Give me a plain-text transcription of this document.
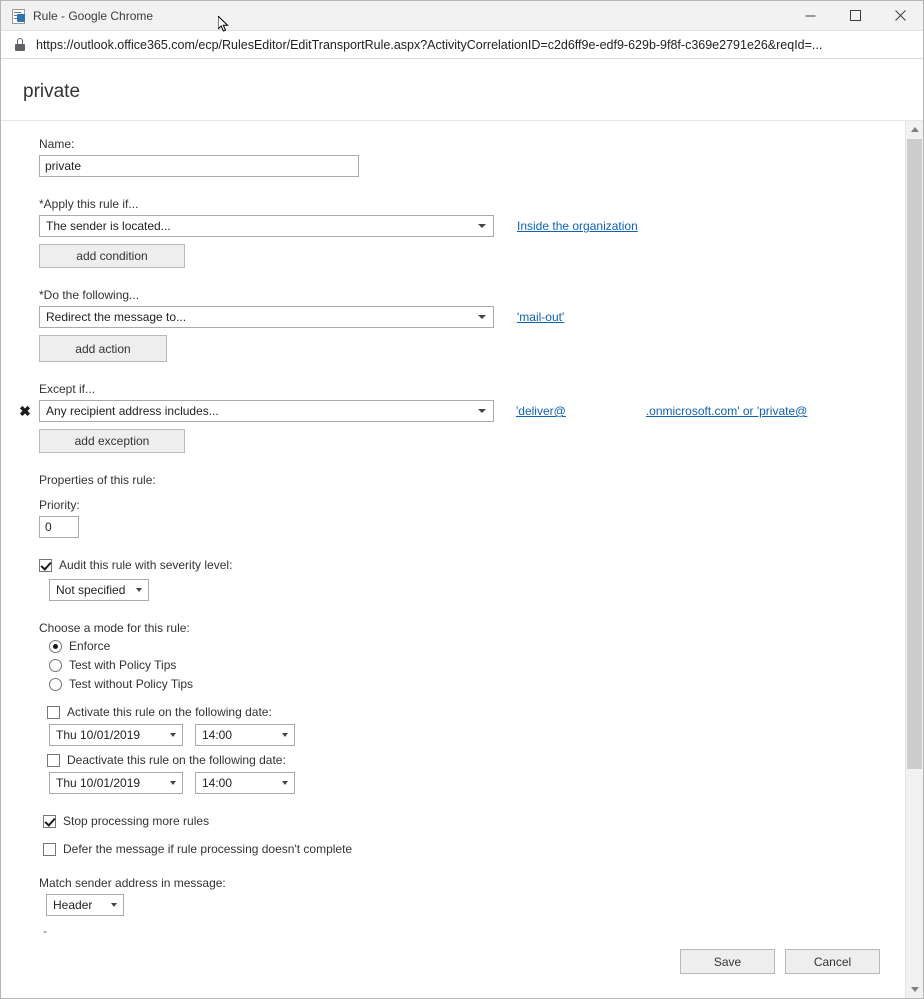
Rule - Google Chrome
https://outlook.office365.com/ecp/RulesEditor/EditTransportRule.aspx?ActivityCorrelationID=c2d6ff9e-edf9-629b-9f8f-c369e2791e26&reqId=...
private
Name:
private
*Apply this rule if...
The sender is located...	Inside the organization
add condition
*Do the following...
Redirect the message to...	'mail-out'
add action
Except if...
✖	Any recipient address includes...	'deliver@	.onmicrosoft.com' or 'private@
add exception
Properties of this rule:
Priority:
0
Audit this rule with severity level:
Not specified
Choose a mode for this rule:
Enforce
Test with Policy Tips
Test without Policy Tips
Activate this rule on the following date:
Thu 10/01/2019	14:00
Deactivate this rule on the following date:
Thu 10/01/2019	14:00
Stop processing more rules
Defer the message if rule processing doesn't complete
Match sender address in message:
Header
-
Save	Cancel
